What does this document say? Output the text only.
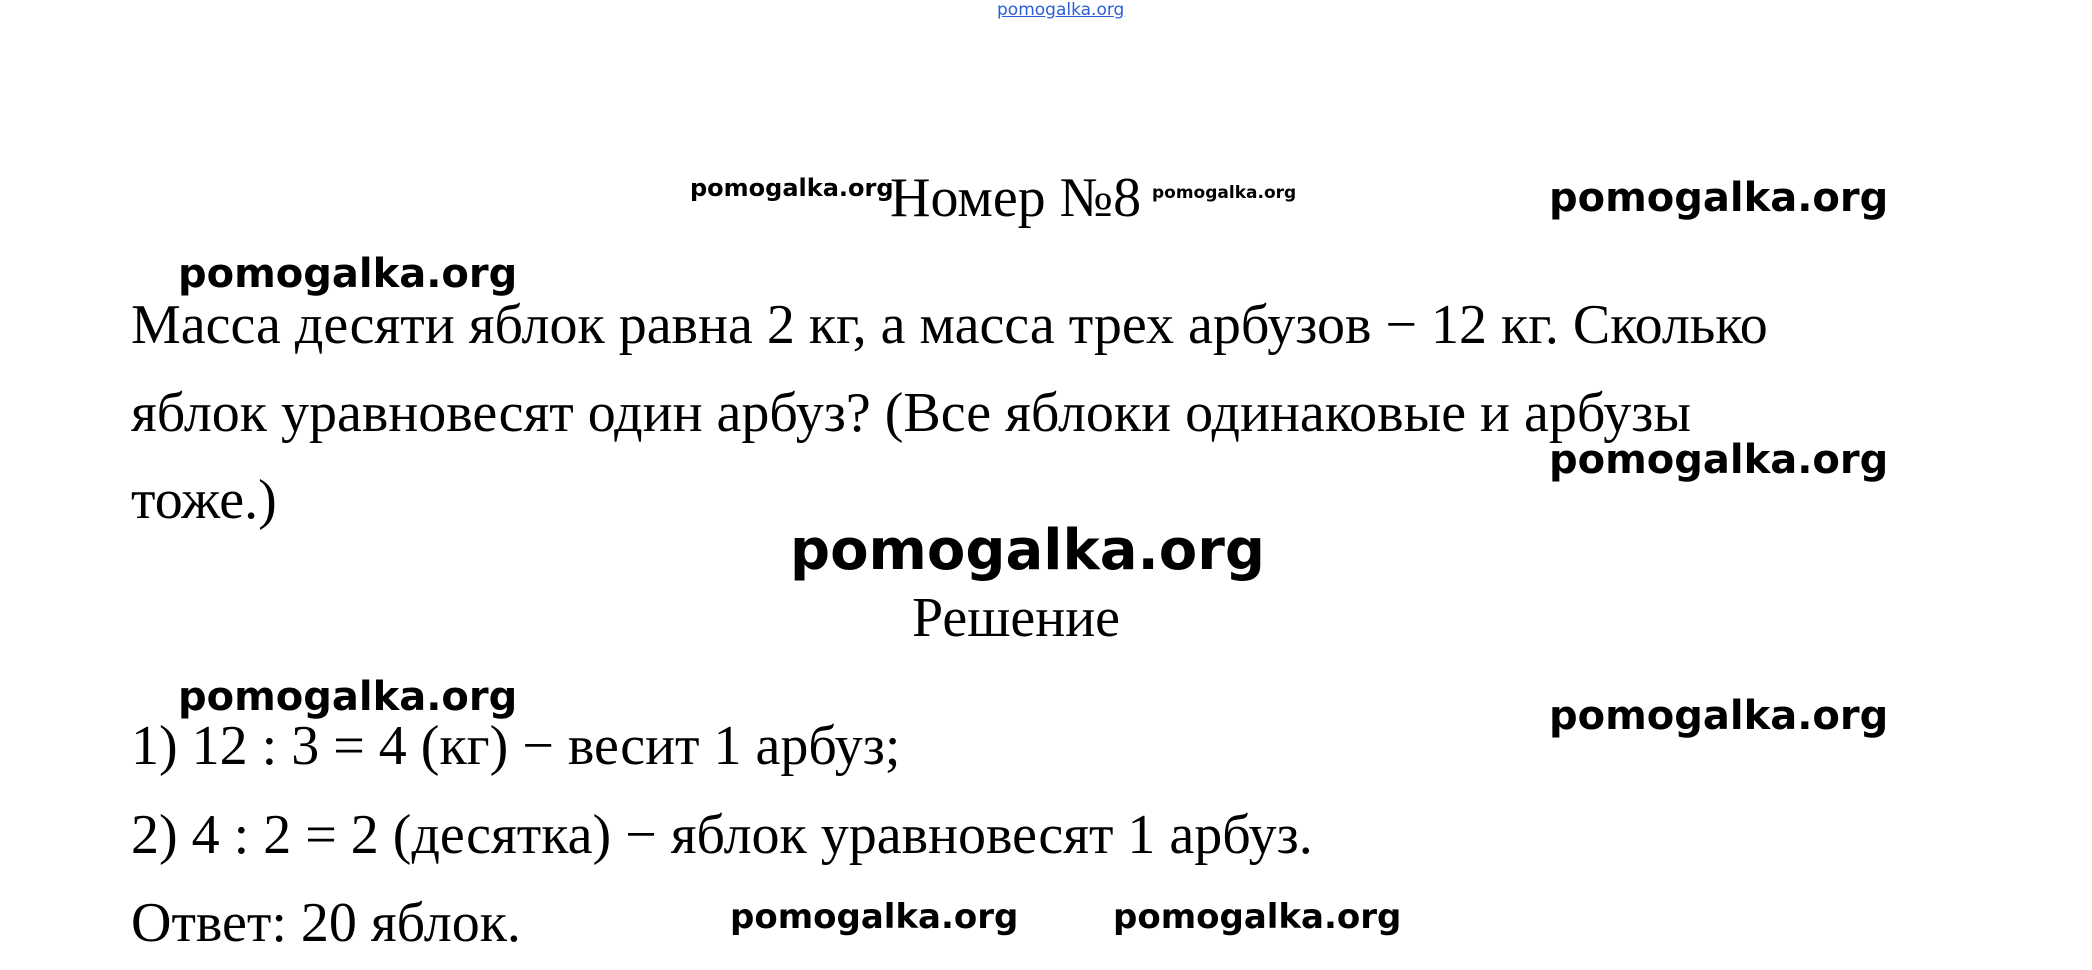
pomogalka.org
pomogalka.org
Номер №8 pomogalka.org	pomogalka.org
pomogalka.org
Масса десяти яблок равна 2 кг, а масса трех арбузов − 12 кг. Сколько
яблок уравновесят один арбуз? (Все яблоки одинаковые и арбузы
pomogalka.org
тоже.)
pomogalka.org
Решение
pomogalka.org	pomogalka.org
1) 12 : 3 = 4 (кг) − весит 1 арбуз;
2) 4 : 2 = 2 (десятка) − яблок уравновесят 1 арбуз.
Ответ: 20 яблок.	pomogalka.org	pomogalka.org
